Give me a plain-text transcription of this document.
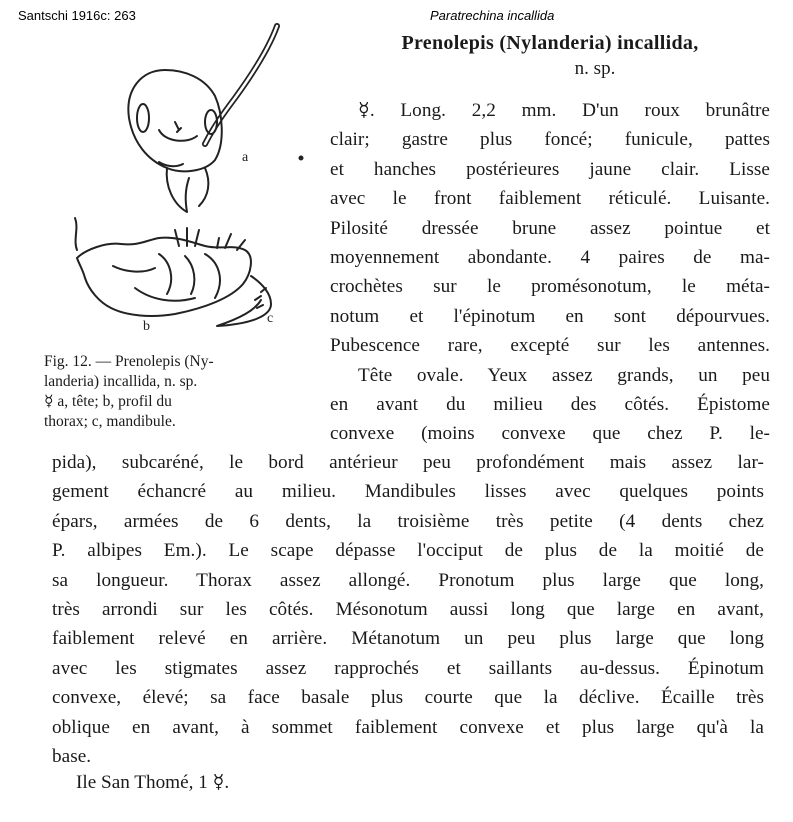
Santschi 1916c: 263	Paratrechina incallida
a
b
c
Fig. 12. — Prenolepis (Ny-
landeria) incallida, n. sp.
☿ a, tête; b, profil du
thorax; c, mandibule.

Prenolepis (Nylanderia) incallida,

n. sp.

☿. Long. 2,2 mm. D'un roux brunâtre
clair; gastre plus foncé; funicule, pattes
et hanches postérieures jaune clair. Lisse
avec le front faiblement réticulé. Luisante.
Pilosité dressée brune assez pointue et
moyennement abondante. 4 paires de ma-
crochètes sur le promésonotum, le méta-
notum et l'épinotum en sont dépourvues.
Pubescence rare, excepté sur les antennes.
Tête ovale. Yeux assez grands, un peu
en avant du milieu des côtés. Épistome
convexe (moins convexe que chez P. le-
pida), subcaréné, le bord antérieur peu profondément mais assez lar-
gement échancré au milieu. Mandibules lisses avec quelques points
épars, armées de 6 dents, la troisième très petite (4 dents chez
P. albipes Em.). Le scape dépasse l'occiput de plus de la moitié de
sa longueur. Thorax assez allongé. Pronotum plus large que long,
très arrondi sur les côtés. Mésonotum aussi long que large en avant,
faiblement relevé en arrière. Métanotum un peu plus large que long
avec les stigmates assez rapprochés et saillants au-dessus. Épinotum
convexe, élevé; sa face basale plus courte que la déclive. Écaille très
oblique en avant, à sommet faiblement convexe et plus large qu'à la
base.
Ile San Thomé, 1 ☿.
